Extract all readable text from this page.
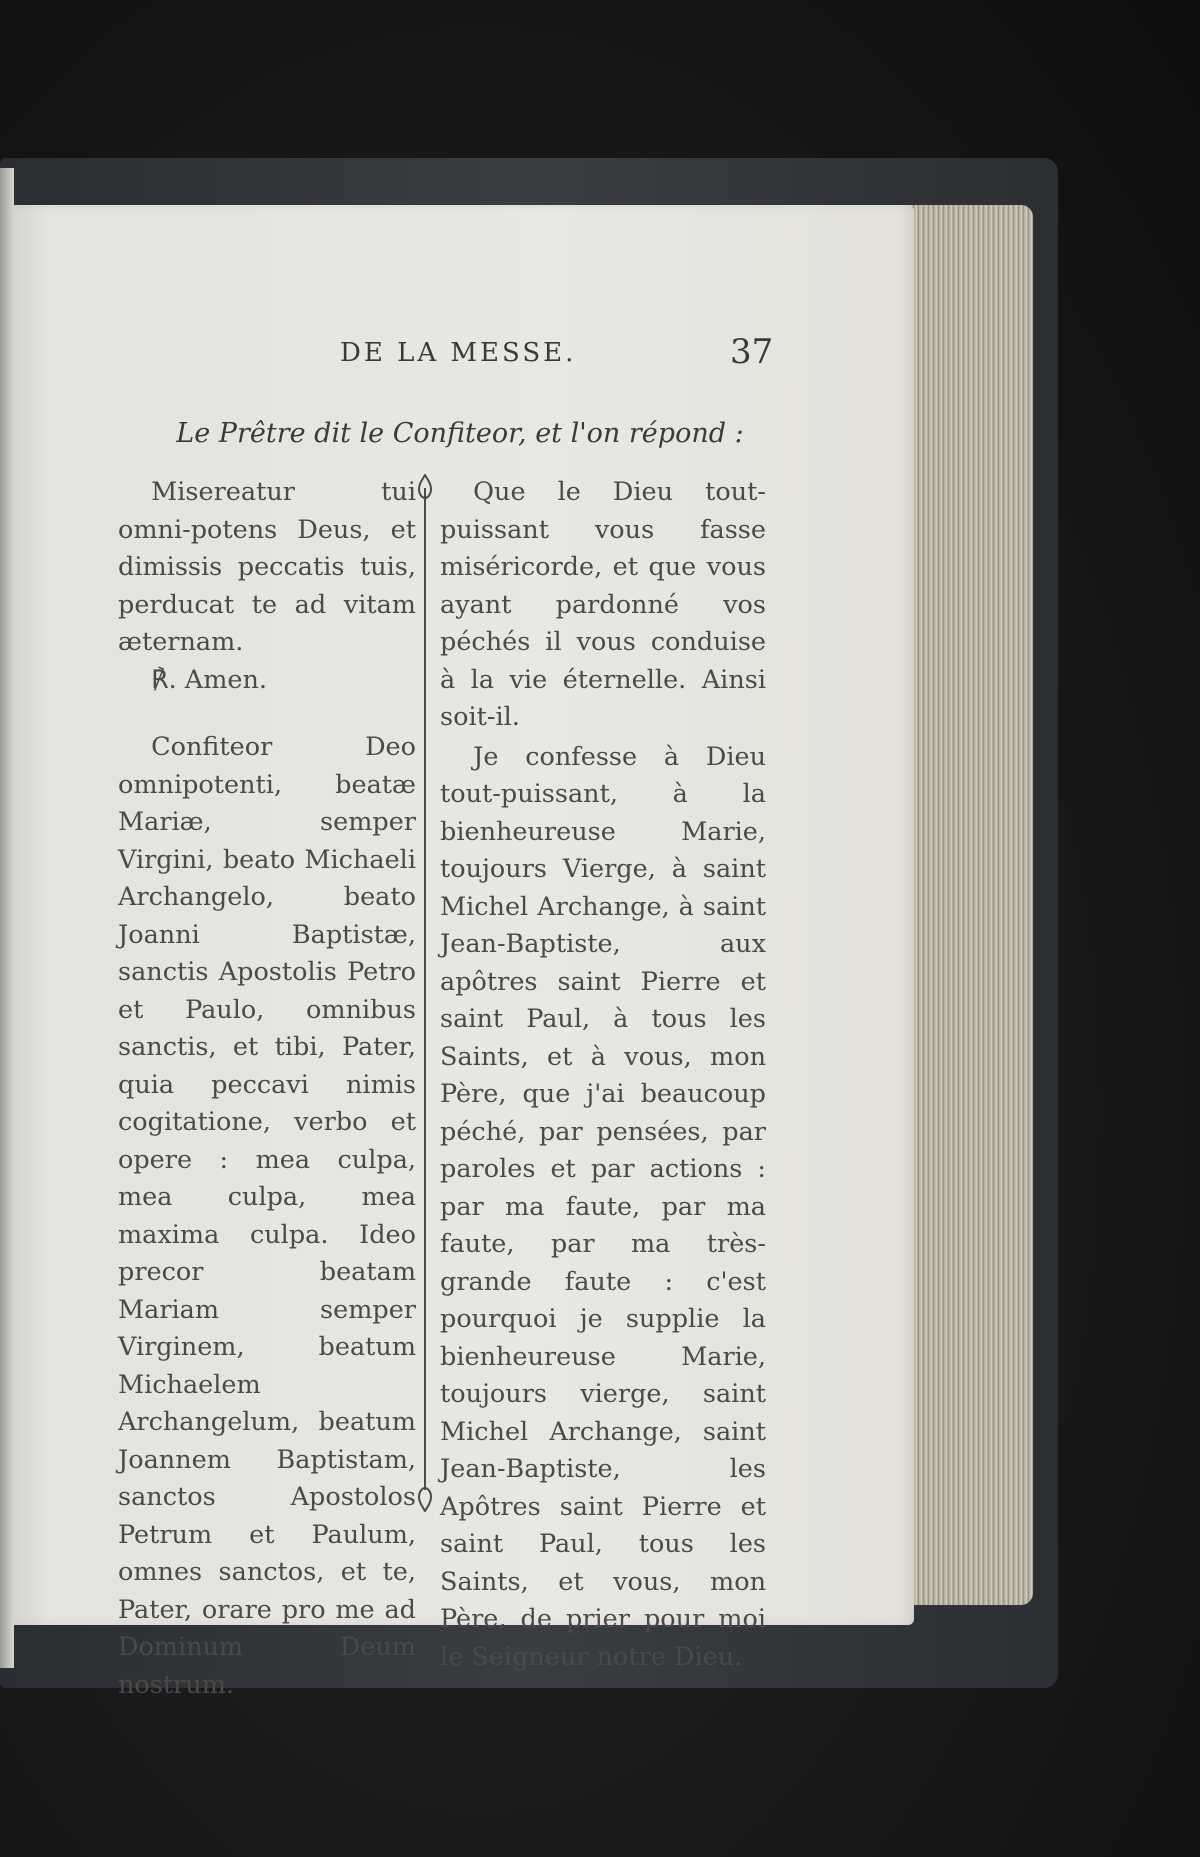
DE LA MESSE.	37
Le Prêtre dit le Confiteor, et l'on répond :

Misereatur tui omni-potens Deus, et dimissis peccatis tuis, perducat te ad vitam æternam.

℟. Amen.

Confiteor Deo omnipotenti, beatæ Mariæ, semper Virgini, beato Michaeli Archangelo, beato Joanni Baptistæ, sanctis Apostolis Petro et Paulo, omnibus sanctis, et tibi, Pater, quia peccavi nimis cogitatione, verbo et opere : mea culpa, mea culpa, mea maxima culpa. Ideo precor beatam Mariam semper Virginem, beatum Michaelem Archangelum, beatum Joannem Baptistam, sanctos Apostolos Petrum et Paulum, omnes sanctos, et te, Pater, orare pro me ad Dominum Deum nostrum.

Que le Dieu tout-puissant vous fasse miséricorde, et que vous ayant pardonné vos péchés il vous conduise à la vie éternelle. Ainsi soit-il.

Je confesse à Dieu tout-puissant, à la bienheureuse Marie, toujours Vierge, à saint Michel Archange, à saint Jean-Baptiste, aux apôtres saint Pierre et saint Paul, à tous les Saints, et à vous, mon Père, que j'ai beaucoup péché, par pensées, par paroles et par actions : par ma faute, par ma faute, par ma très-grande faute : c'est pourquoi je supplie la bienheureuse Marie, toujours vierge, saint Michel Archange, saint Jean-Baptiste, les Apôtres saint Pierre et saint Paul, tous les Saints, et vous, mon Père, de prier pour moi le Seigneur notre Dieu.
